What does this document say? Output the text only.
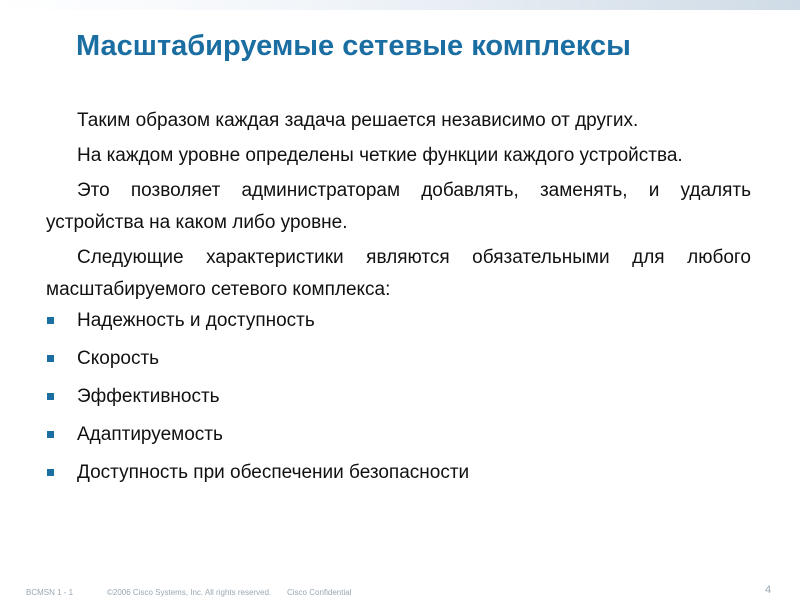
Масштабируемые сетевые комплексы

Таким образом каждая задача решается независимо от других.

На каждом уровне определены четкие функции каждого устройства.

Это позволяет администраторам добавлять, заменять, и удалять устройства на каком либо уровне.

Следующие характеристики являются обязательными для любого масштабируемого сетевого комплекса:

Надежность и доступность
Скорость
Эффективность
Адаптируемость
Доступность при обеспечении безопасности
BCMSN 1 - 1	©2006 Cisco Systems, Inc. All rights reserved. Cisco Confidential	4
